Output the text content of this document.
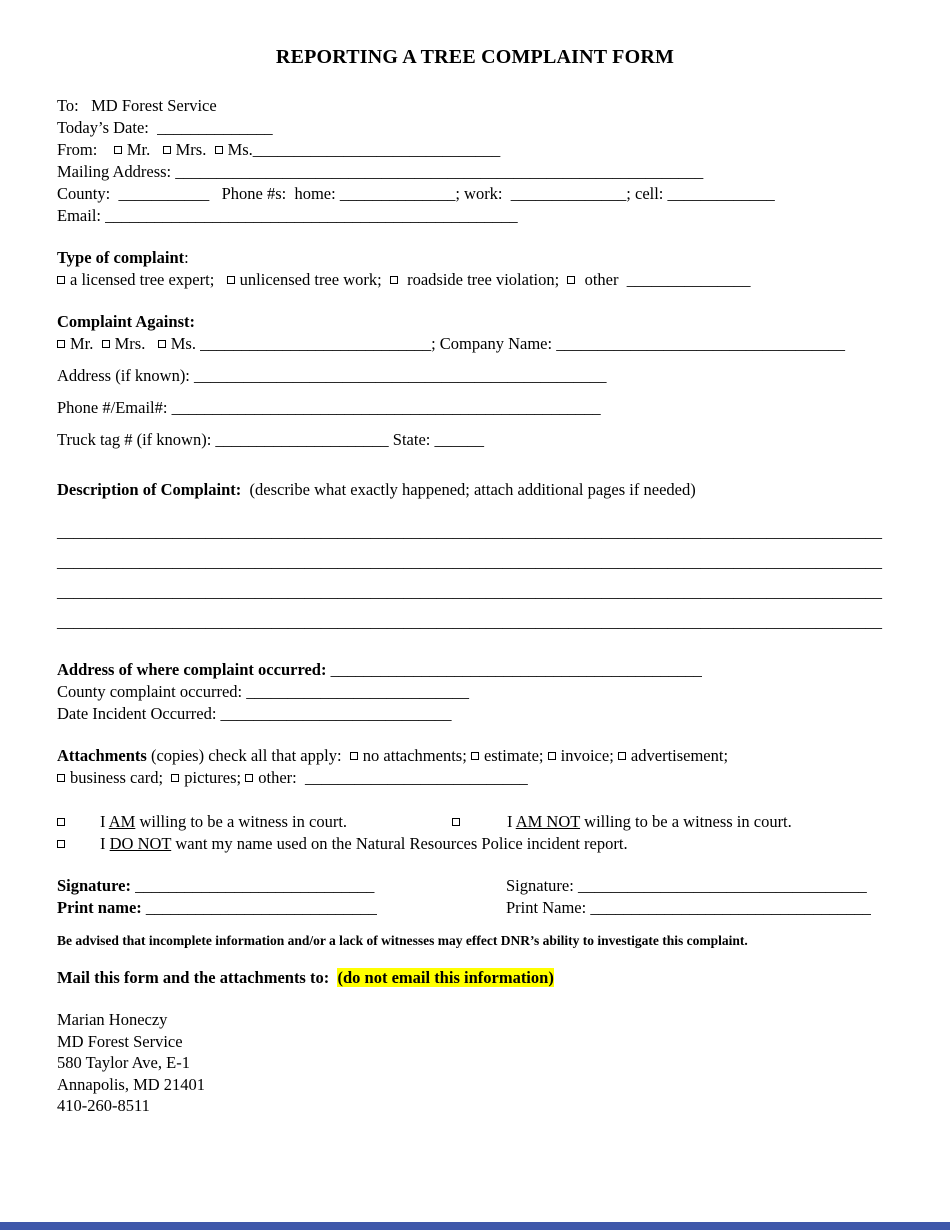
REPORTING A TREE COMPLAINT FORM
To:   MD Forest Service
Today’s Date:  ______________
From:    Mr.   Mrs.  Ms.______________________________
Mailing Address: ________________________________________________________________
County:  ___________   Phone #s:  home: ______________; work:  ______________; cell: _____________
Email: __________________________________________________
Type of complaint:
a licensed tree expert;   unlicensed tree work;   roadside tree violation;   other  _______________
Complaint Against:
Mr.  Mrs.   Ms. ____________________________; Company Name: ___________________________________
Address (if known): __________________________________________________
Phone #/Email#: ____________________________________________________
Truck tag # (if known): _____________________ State: ______
Description of Complaint:  (describe what exactly happened; attach additional pages if needed)
____________________________________________________________________________________________________
____________________________________________________________________________________________________
____________________________________________________________________________________________________
____________________________________________________________________________________________________
Address of where complaint occurred: _____________________________________________
County complaint occurred: ___________________________
Date Incident Occurred: ____________________________
Attachments (copies) check all that apply:  no attachments; estimate; invoice; advertisement;
business card;  pictures; other:  ___________________________
I AM willing to be a witness in court.	I AM NOT willing to be a witness in court.
I DO NOT want my name used on the Natural Resources Police incident report.
Signature: _____________________________	Signature: ___________________________________
Print name: ____________________________	Print Name: __________________________________
Be advised that incomplete information and/or a lack of witnesses may effect DNR’s ability to investigate this complaint.
Mail this form and the attachments to:  (do not email this information)
Marian Honeczy
MD Forest Service
580 Taylor Ave, E-1
Annapolis, MD 21401
410-260-8511
